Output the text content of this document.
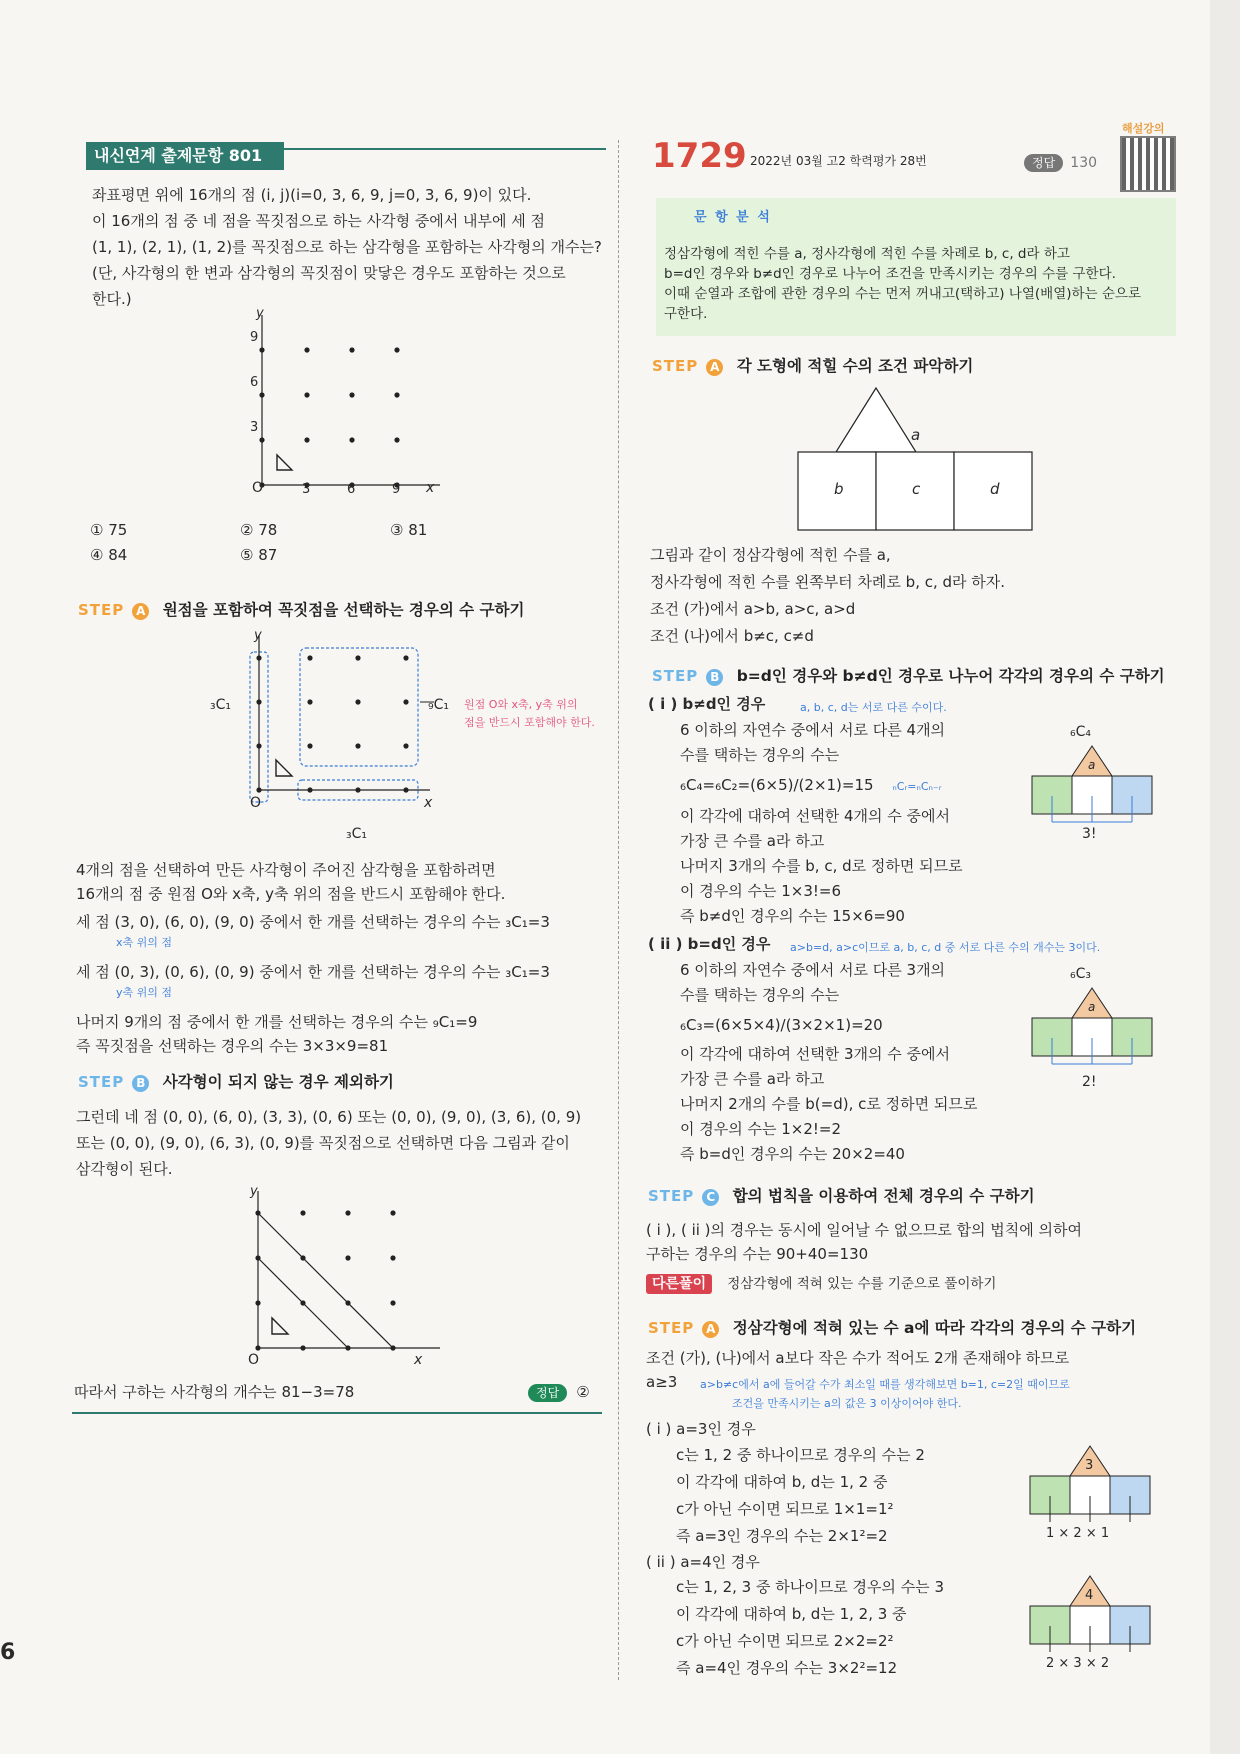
6
내신연계 출제문항 801
좌표평면 위에 16개의 점 (i, j)(i=0, 3, 6, 9, j=0, 3, 6, 9)이 있다.
이 16개의 점 중 네 점을 꼭짓점으로 하는 사각형 중에서 내부에 세 점
(1, 1), (2, 1), (1, 2)를 꼭짓점으로 하는 삼각형을 포함하는 사각형의 개수는?
(단, 사각형의 한 변과 삼각형의 꼭짓점이 맞닿은 경우도 포함하는 것으로
한다.)
O	3	6	9
3
6
9
x
y
① 75	② 78	③ 81
④ 84	⑤ 87
STEP A 원점을 포함하여 꼭짓점을 선택하는 경우의 수 구하기
₃C₁	₉C₁
₃C₁
원점 O와 x축, y축 위의
점을 반드시 포함해야 한다.
O	x
y
4개의 점을 선택하여 만든 사각형이 주어진 삼각형을 포함하려면
16개의 점 중 원점 O와 x축, y축 위의 점을 반드시 포함해야 한다.
세 점 (3, 0), (6, 0), (9, 0) 중에서 한 개를 선택하는 경우의 수는 ₃C₁=3
x축 위의 점
세 점 (0, 3), (0, 6), (0, 9) 중에서 한 개를 선택하는 경우의 수는 ₃C₁=3
y축 위의 점
나머지 9개의 점 중에서 한 개를 선택하는 경우의 수는 ₉C₁=9
즉 꼭짓점을 선택하는 경우의 수는 3×3×9=81
STEP B 사각형이 되지 않는 경우 제외하기
그런데 네 점 (0, 0), (6, 0), (3, 3), (0, 6) 또는 (0, 0), (9, 0), (3, 6), (0, 9)
또는 (0, 0), (9, 0), (6, 3), (0, 9)를 꼭짓점으로 선택하면 다음 그림과 같이
삼각형이 된다.
O	x
y
따라서 구하는 사각형의 개수는 81−3=78	정답 ②
1729 2022년 03월 고2 학력평가 28번	정답 130
해설강의
문 항 분 석
정삼각형에 적힌 수를 a, 정사각형에 적힌 수를 차례로 b, c, d라 하고
b=d인 경우와 b≠d인 경우로 나누어 조건을 만족시키는 경우의 수를 구한다.
이때 순열과 조합에 관한 경우의 수는 먼저 꺼내고(택하고) 나열(배열)하는 순으로
구한다.
STEP A 각 도형에 적힐 수의 조건 파악하기
a
b	c	d
그림과 같이 정삼각형에 적힌 수를 a,
정사각형에 적힌 수를 왼쪽부터 차례로 b, c, d라 하자.
조건 (가)에서 a>b, a>c, a>d
조건 (나)에서 b≠c, c≠d
STEP B b=d인 경우와 b≠d인 경우로 나누어 각각의 경우의 수 구하기
( i ) b≠d인 경우	a, b, c, d는 서로 다른 수이다.
6 이하의 자연수 중에서 서로 다른 4개의
수를 택하는 경우의 수는
₆C₄=₆C₂=(6×5)/(2×1)=15 ₙCᵣ=ₙCₙ₋ᵣ
이 각각에 대하여 선택한 4개의 수 중에서
가장 큰 수를 a라 하고
나머지 3개의 수를 b, c, d로 정하면 되므로
이 경우의 수는 1×3!=6
즉 b≠d인 경우의 수는 15×6=90
₆C₄
a
3!
( ii ) b=d인 경우 a>b=d, a>c이므로 a, b, c, d 중 서로 다른 수의 개수는 3이다.
6 이하의 자연수 중에서 서로 다른 3개의
수를 택하는 경우의 수는
₆C₃=(6×5×4)/(3×2×1)=20
이 각각에 대하여 선택한 3개의 수 중에서
가장 큰 수를 a라 하고
나머지 2개의 수를 b(=d), c로 정하면 되므로
이 경우의 수는 1×2!=2
즉 b=d인 경우의 수는 20×2=40
₆C₃
a
2!
STEP C 합의 법칙을 이용하여 전체 경우의 수 구하기
( i ), ( ii )의 경우는 동시에 일어날 수 없으므로 합의 법칙에 의하여
구하는 경우의 수는 90+40=130
다른풀이 정삼각형에 적혀 있는 수를 기준으로 풀이하기
STEP A 정삼각형에 적혀 있는 수 a에 따라 각각의 경우의 수 구하기
조건 (가), (나)에서 a보다 작은 수가 적어도 2개 존재해야 하므로
a≥3 a>b≠c에서 a에 들어갈 수가 최소일 때를 생각해보면 b=1, c=2일 때이므로
조건을 만족시키는 a의 값은 3 이상이어야 한다.
( i ) a=3인 경우
c는 1, 2 중 하나이므로 경우의 수는 2
이 각각에 대하여 b, d는 1, 2 중
c가 아닌 수이면 되므로 1×1=1²
즉 a=3인 경우의 수는 2×1²=2
3
1 × 2 × 1
( ii ) a=4인 경우
c는 1, 2, 3 중 하나이므로 경우의 수는 3
이 각각에 대하여 b, d는 1, 2, 3 중
c가 아닌 수이면 되므로 2×2=2²
즉 a=4인 경우의 수는 3×2²=12
4
2 × 3 × 2
